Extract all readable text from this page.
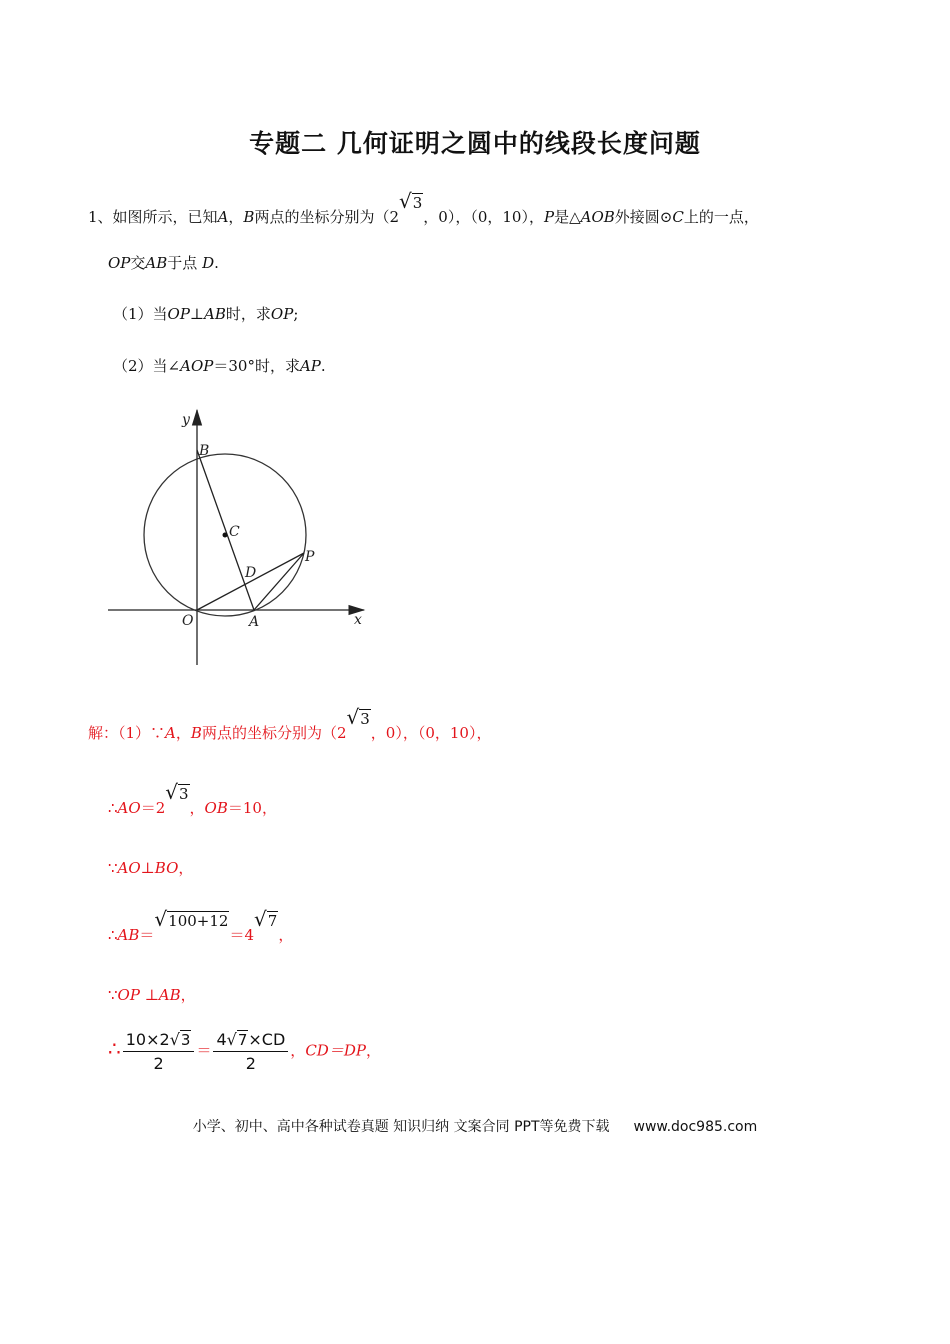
专题二 几何证明之圆中的线段长度问题
1、如图所示，已知A，B两点的坐标分别为（2√3，0），（0，10），P是△AOB外接圆⊙C上的一点，
OP交AB于点 D.
（1）当OP⊥AB时，求OP;
（2）当∠AOP＝30°时，求AP.
y
x
B
C
P
D
O	A
解：（1）∵A，B两点的坐标分别为（2√3，0），（0，10），
∴AO＝2√3，OB＝10，
∵AO⊥BO，
∴AB＝√100+12＝4√7，
∵OP ⊥AB，
∴ $\frac{10\times 2√3}{2} = \frac{4√7\times CD}{2}$ ，CD＝DP，
小学、初中、高中各种试卷真题 知识归纳 文案合同 PPT等免费下载 www.doc985.com
